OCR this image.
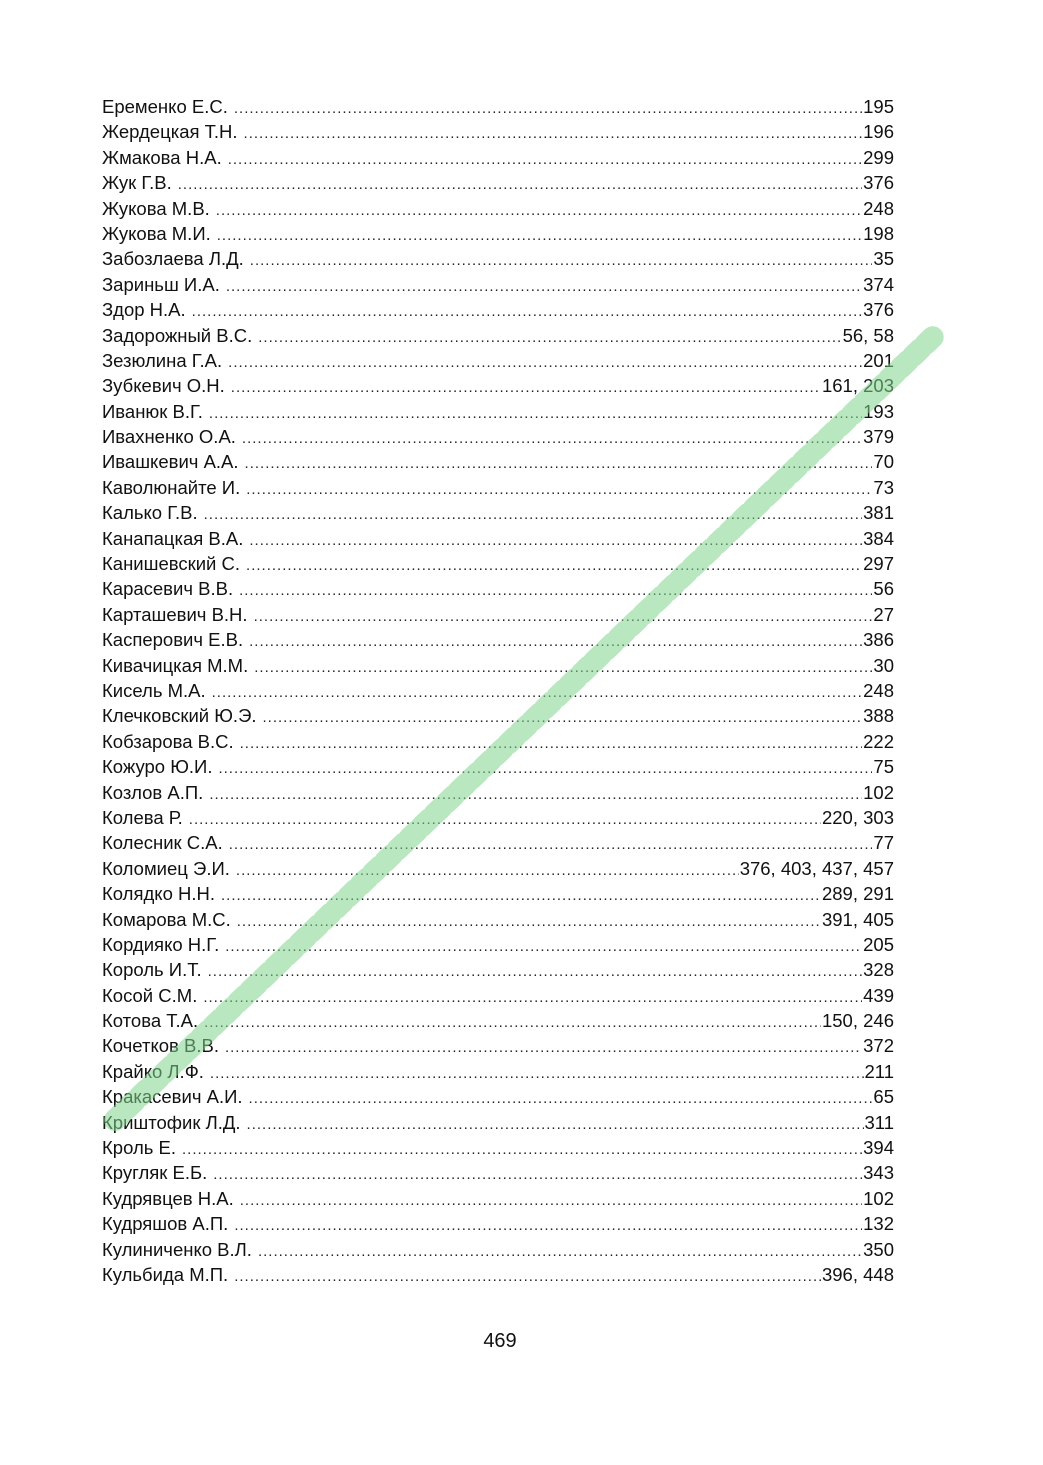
Еременко Е.С. .....	195
Жердецкая Т.Н. .....	196
Жмакова Н.А. .....	299
Жук Г.В. .....	376
Жукова М.В. .....	248
Жукова М.И. .....	198
Забозлаева Л.Д. .....	35
Зариньш И.А. .....	374
Здор Н.А. .....	376
Задорожный В.С. .....	56, 58
Зезюлина Г.А. .....	201
Зубкевич О.Н. .....	161, 203
Иванюк В.Г. .....	193
Ивахненко О.А. .....	379
Ивашкевич А.А. .....	70
Каволюнайте И. .....	73
Калько Г.В. .....	381
Канапацкая В.А. .....	384
Канишевский С. .....	297
Карасевич В.В. .....	56
Карташевич В.Н. .....	27
Касперович Е.В. .....	386
Кивачицкая М.М. .....	30
Кисель М.А. .....	248
Клечковский Ю.Э. .....	388
Кобзарова В.С. .....	222
Кожуро Ю.И. .....	75
Козлов А.П. .....	102
Колева Р. .....	220, 303
Колесник С.А. .....	77
Коломиец Э.И. .....	376, 403, 437, 457
Колядко Н.Н. .....	289, 291
Комарова М.С. .....	391, 405
Кордияко Н.Г. .....	205
Король И.Т. .....	328
Косой С.М. .....	439
Котова Т.А. .....	150, 246
Кочетков В.В. .....	372
Крайко Л.Ф. .....	211
Кракасевич А.И. .....	65
Криштофик Л.Д. .....	311
Кроль Е. .....	394
Кругляк Е.Б. .....	343
Кудрявцев Н.А. .....	102
Кудряшов А.П. .....	132
Кулиниченко В.Л. .....	350
Кульбида М.П. .....	396, 448
469
